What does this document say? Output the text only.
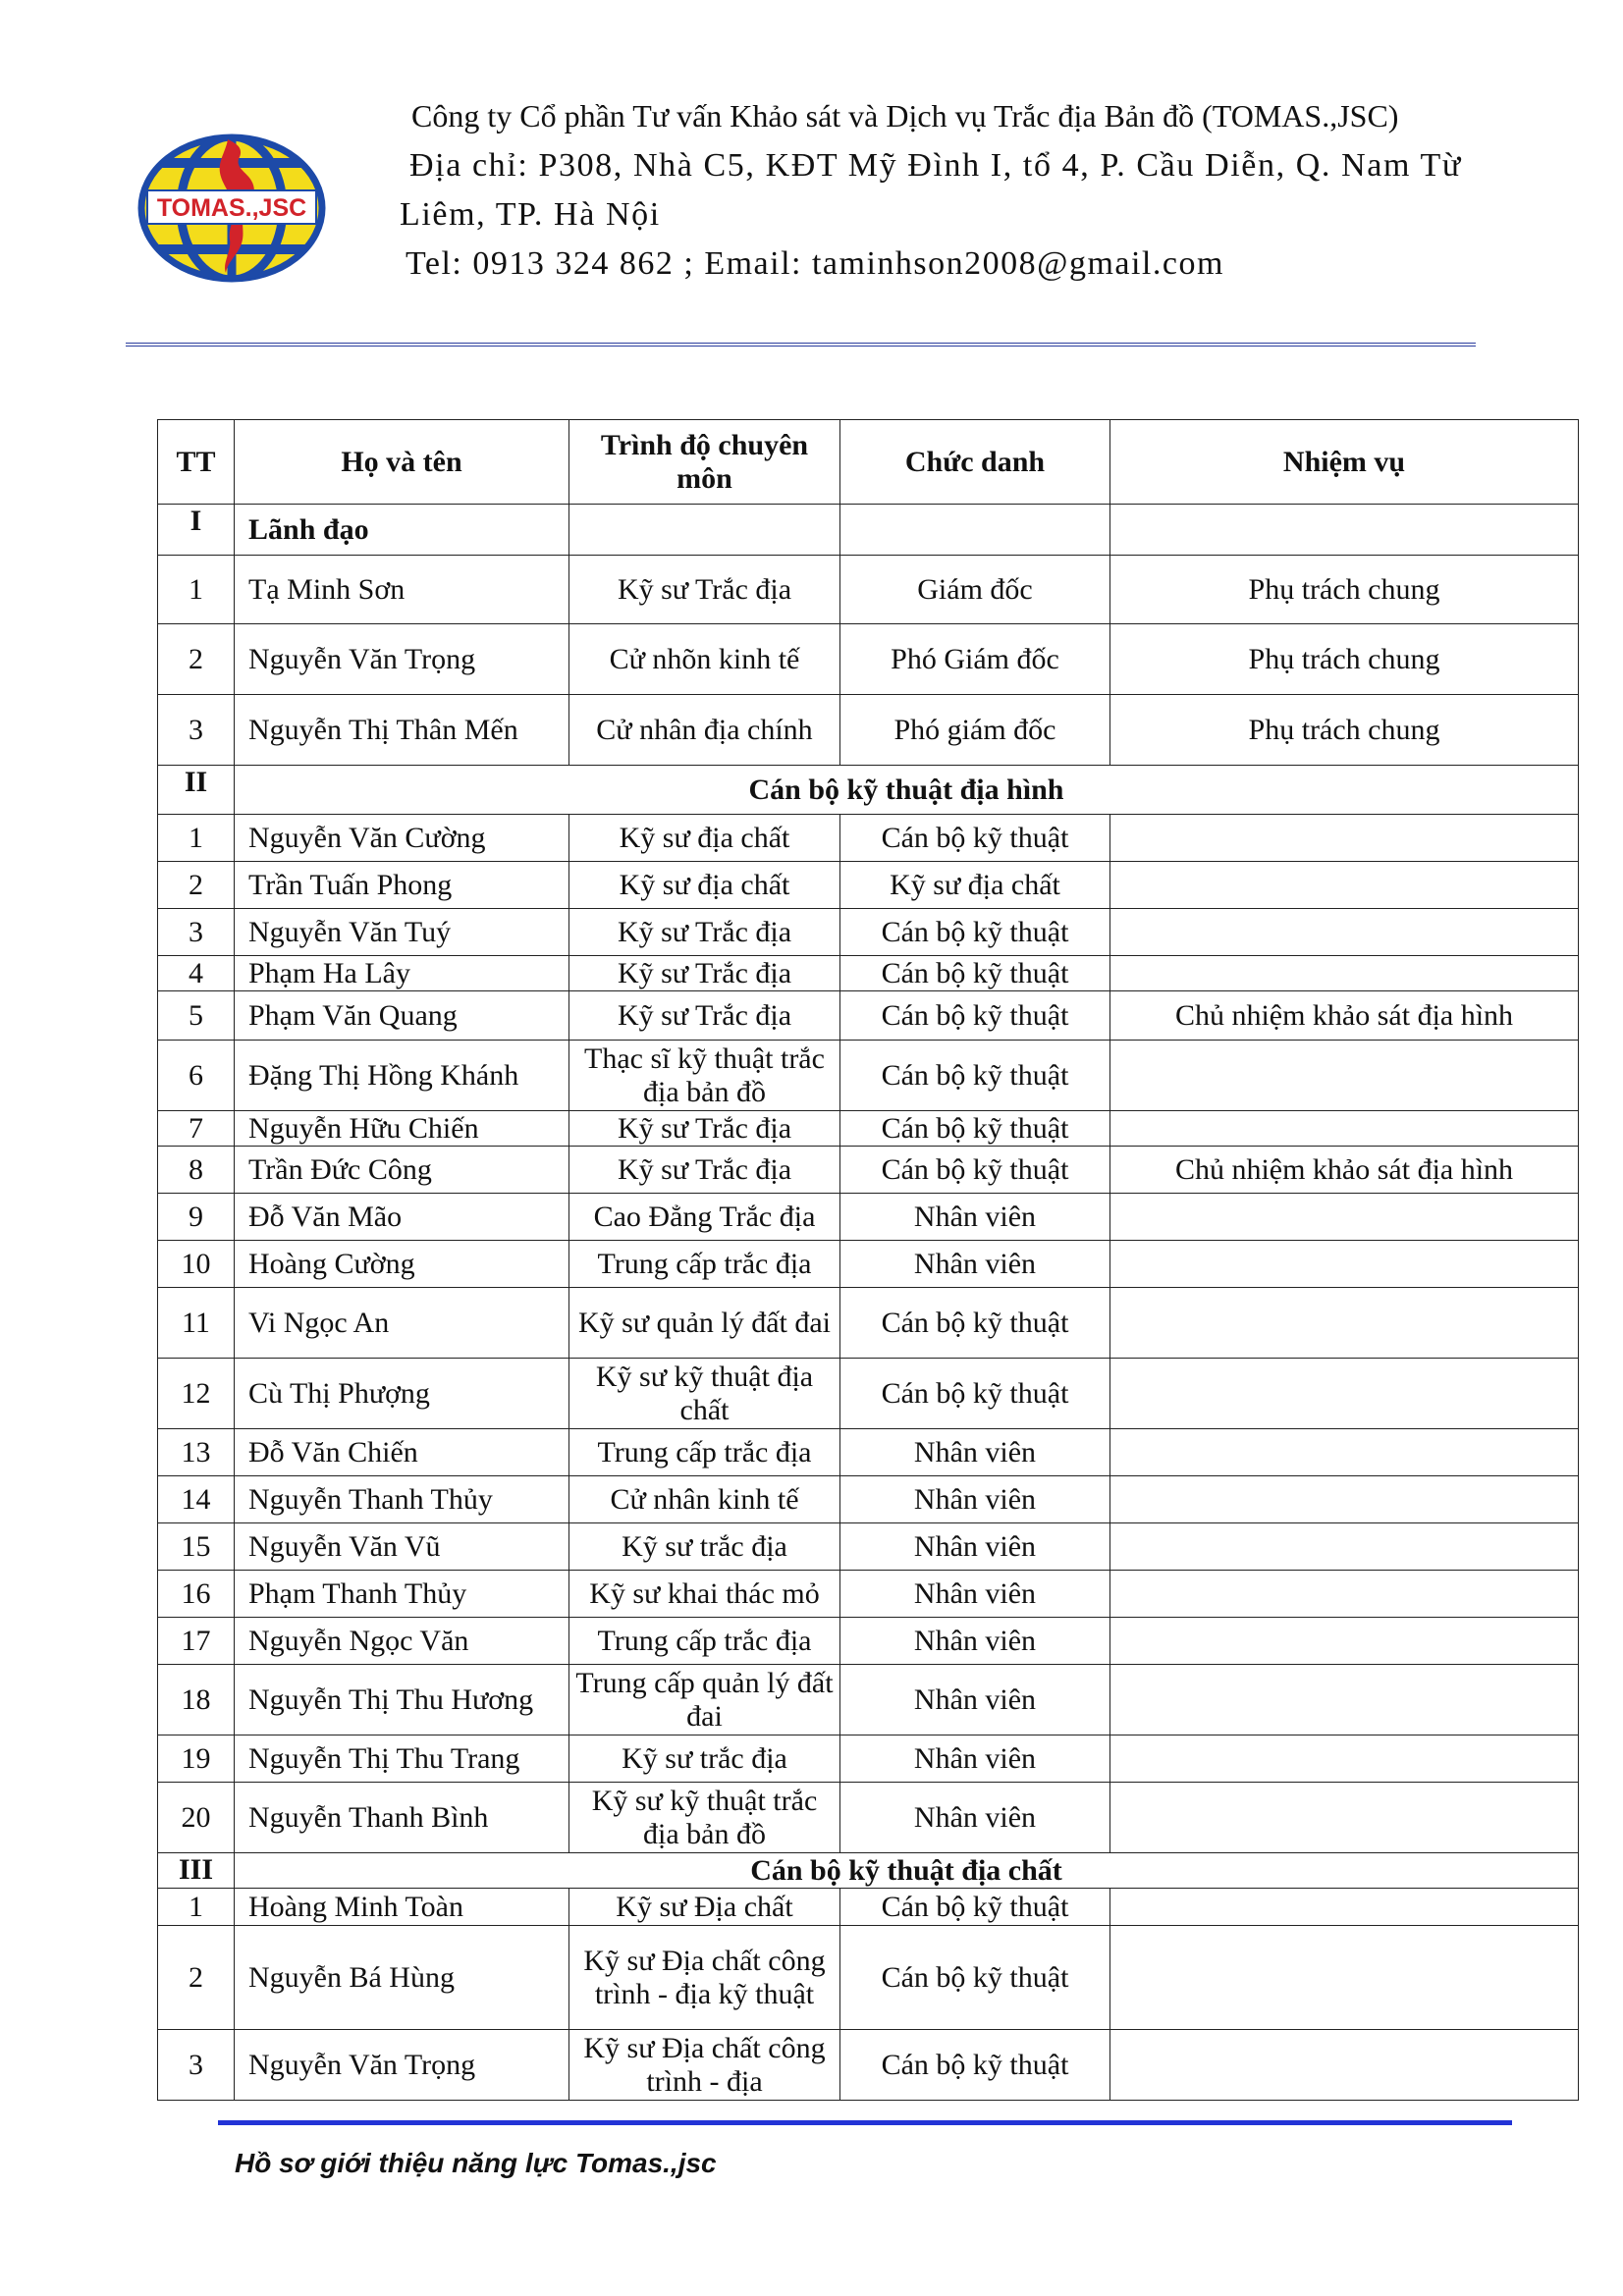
TOMAS.,JSC
Công ty Cổ phần Tư vấn Khảo sát và Dịch vụ Trắc địa Bản đồ (TOMAS.,JSC)
Địa chỉ: P308, Nhà C5, KĐT Mỹ Đình I, tổ 4, P. Cầu Diễn, Q. Nam Từ
Liêm, TP. Hà Nội
Tel: 0913 324 862 ; Email: taminhson2008@gmail.com
TT	Họ và tên	Trình độ chuyên môn	Chức danh	Nhiệm vụ
I	Lãnh đạo			
1	Tạ Minh Sơn	Kỹ sư Trắc địa	Giám đốc	Phụ trách chung
2	Nguyễn Văn Trọng	Cử nhõn kinh tế	Phó Giám đốc	Phụ trách chung
3	Nguyễn Thị Thân Mến	Cử nhân địa chính	Phó giám đốc	Phụ trách chung
II	Cán bộ kỹ thuật địa hình			
1	Nguyễn Văn Cường	Kỹ sư địa chất	Cán bộ kỹ thuật	
2	Trần Tuấn Phong	Kỹ sư địa chất	Kỹ sư địa chất	
3	Nguyễn Văn Tuý	Kỹ sư Trắc địa	Cán bộ kỹ thuật	
4	Phạm Ha Lây	Kỹ sư Trắc địa	Cán bộ kỹ thuật	
5	Phạm Văn Quang	Kỹ sư Trắc địa	Cán bộ kỹ thuật	Chủ nhiệm khảo sát địa hình
6	Đặng Thị Hồng Khánh	Thạc sĩ kỹ thuật trắc địa bản đồ	Cán bộ kỹ thuật	
7	Nguyễn Hữu Chiến	Kỹ sư Trắc địa	Cán bộ kỹ thuật	
8	Trần Đức Công	Kỹ sư Trắc địa	Cán bộ kỹ thuật	Chủ nhiệm khảo sát địa hình
9	Đỗ Văn Mão	Cao Đẳng Trắc địa	Nhân viên	
10	Hoàng Cường	Trung cấp trắc địa	Nhân viên	
11	Vi Ngọc An	Kỹ sư quản lý đất đai	Cán bộ kỹ thuật	
12	Cù Thị Phượng	Kỹ sư kỹ thuật địa chất	Cán bộ kỹ thuật	
13	Đỗ Văn Chiến	Trung cấp trắc địa	Nhân viên	
14	Nguyễn Thanh Thủy	Cử nhân kinh tế	Nhân viên	
15	Nguyễn Văn Vũ	Kỹ sư trắc địa	Nhân viên	
16	Phạm Thanh Thủy	Kỹ sư khai thác mỏ	Nhân viên	
17	Nguyễn Ngọc Văn	Trung cấp trắc địa	Nhân viên	
18	Nguyễn Thị Thu Hương	Trung cấp quản lý đất đai	Nhân viên	
19	Nguyễn Thị Thu Trang	Kỹ sư trắc địa	Nhân viên	
20	Nguyễn Thanh Bình	Kỹ sư kỹ thuật trắc địa bản đồ	Nhân viên	
III	Cán bộ kỹ thuật địa chất			
1	Hoàng Minh Toàn	Kỹ sư Địa chất	Cán bộ kỹ thuật	
2	Nguyễn Bá Hùng	Kỹ sư Địa chất công trình - địa kỹ thuật	Cán bộ kỹ thuật	
3	Nguyễn Văn Trọng	Kỹ sư Địa chất công trình - địa	Cán bộ kỹ thuật	
Hồ sơ giới thiệu năng lực Tomas.,jsc
